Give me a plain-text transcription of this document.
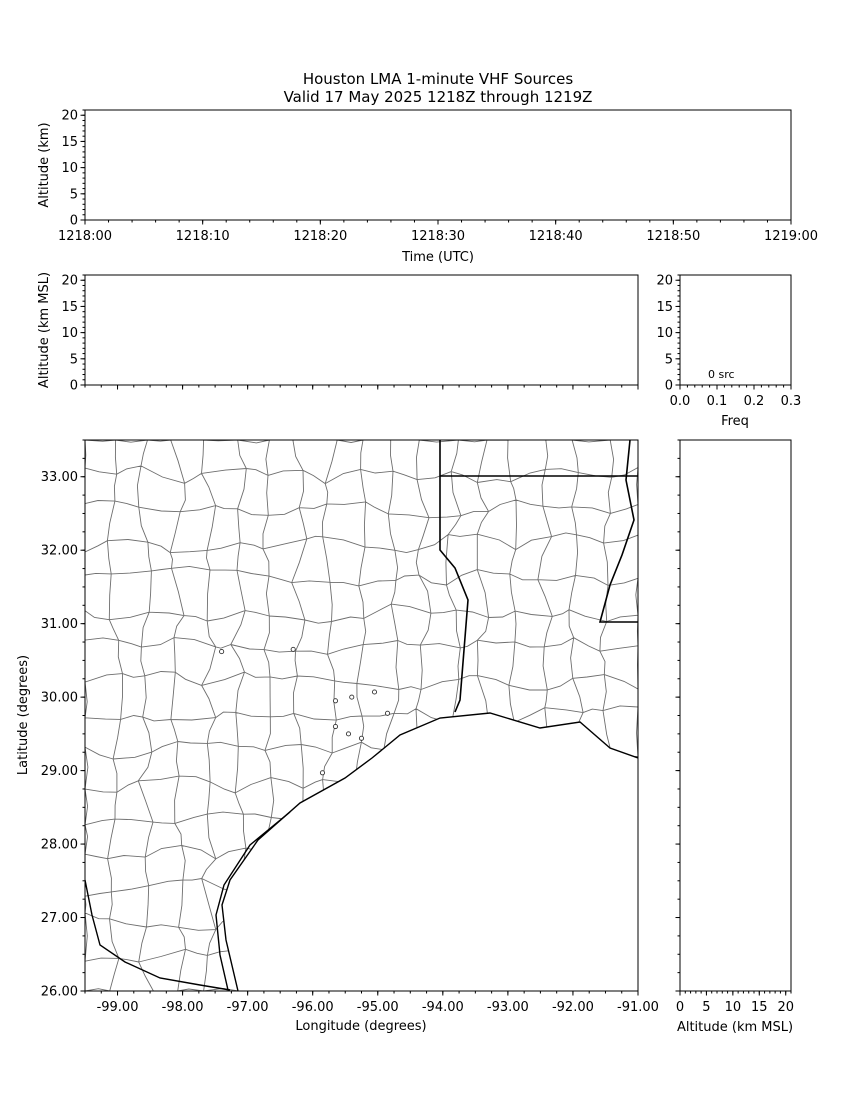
Houston LMA 1-minute VHF Sources
Valid 17 May 2025 1218Z through 1219Z
1218:00	1218:10	1218:20	1218:30	1218:40	1218:50	1219:00
0
5
10
15
20
Time (UTC)
Altitude (km)
0
5
10
15
20
Altitude (km MSL)
0.0 0.1 0.2 0.3
0
5
10
15
20
0 src
Freq
-99.00 -98.00 -97.00 -96.00 -95.00 -94.00 -93.00 -92.00 -91.00
26.00
27.00
28.00
29.00
30.00
31.00
32.00
33.00
Longitude (degrees)
Latitude (degrees)
0 5 10 15 20
Altitude (km MSL)
